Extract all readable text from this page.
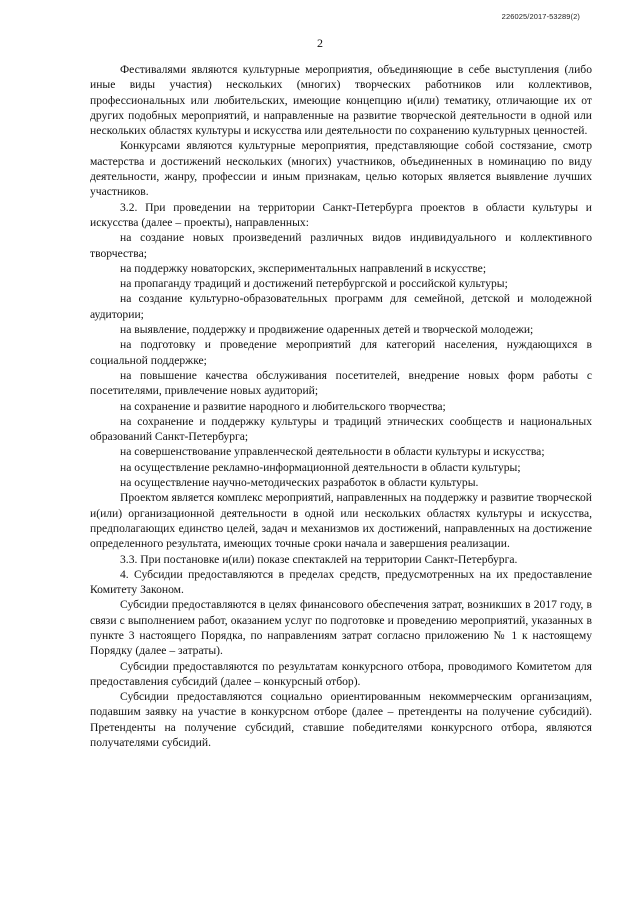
226025/2017-53289(2)
2

Фестивалями являются культурные мероприятия, объединяющие в себе выступления (либо иные виды участия) нескольких (многих) творческих работников или коллективов, профессиональных или любительских, имеющие концепцию и(или) тематику, отличающие их от других подобных мероприятий, и направленные на развитие творческой деятельности в одной или нескольких областях культуры и искусства или деятельности по сохранению культурных ценностей.

Конкурсами являются культурные мероприятия, представляющие собой состязание, смотр мастерства и достижений нескольких (многих) участников, объединенных в номинацию по виду деятельности, жанру, профессии и иным признакам, целью которых является выявление лучших участников.

3.2. При проведении на территории Санкт-Петербурга проектов в области культуры и искусства (далее – проекты), направленных:

на создание новых произведений различных видов индивидуального и коллективного творчества;

на поддержку новаторских, экспериментальных направлений в искусстве;

на пропаганду традиций и достижений петербургской и российской культуры;

на создание культурно-образовательных программ для семейной, детской и молодежной аудитории;

на выявление, поддержку и продвижение одаренных детей и творческой молодежи;

на подготовку и проведение мероприятий для категорий населения, нуждающихся в социальной поддержке;

на повышение качества обслуживания посетителей, внедрение новых форм работы с посетителями, привлечение новых аудиторий;

на сохранение и развитие народного и любительского творчества;

на сохранение и поддержку культуры и традиций этнических сообществ и национальных образований Санкт-Петербурга;

на совершенствование управленческой деятельности в области культуры и искусства;

на осуществление рекламно-информационной деятельности в области культуры;

на осуществление научно-методических разработок в области культуры.

Проектом является комплекс мероприятий, направленных на поддержку и развитие творческой и(или) организационной деятельности в одной или нескольких областях культуры и искусства, предполагающих единство целей, задач и механизмов их достижений, направленных на достижение определенного результата, имеющих точные сроки начала и завершения реализации.

3.3. При постановке и(или) показе спектаклей на территории Санкт-Петербурга.

4. Субсидии предоставляются в пределах средств, предусмотренных на их предоставление Комитету Законом.

Субсидии предоставляются в целях финансового обеспечения затрат, возникших в 2017 году, в связи с выполнением работ, оказанием услуг по подготовке и проведению мероприятий, указанных в пункте 3 настоящего Порядка, по направлениям затрат согласно приложению № 1 к настоящему Порядку (далее – затраты).

Субсидии предоставляются по результатам конкурсного отбора, проводимого Комитетом для предоставления субсидий (далее – конкурсный отбор).

Субсидии предоставляются социально ориентированным некоммерческим организациям, подавшим заявку на участие в конкурсном отборе (далее – претенденты на получение субсидий). Претенденты на получение субсидий, ставшие победителями конкурсного отбора, являются получателями субсидий.
